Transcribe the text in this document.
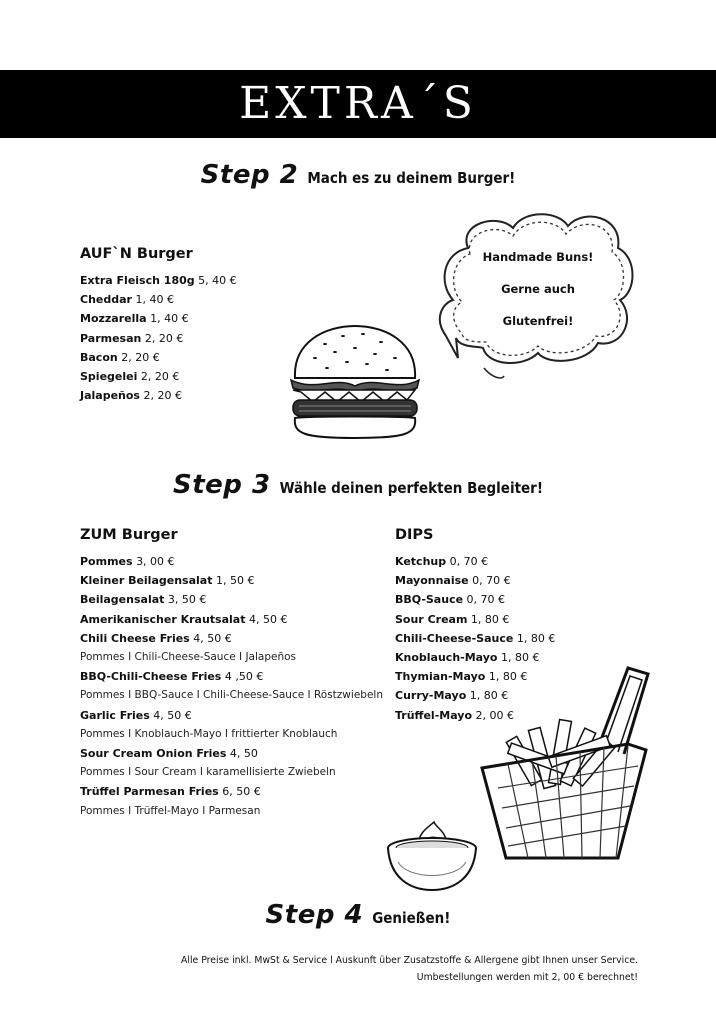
EXTRA´S
Step 2 Mach es zu deinem Burger!
AUF`N Burger
Extra Fleisch 180g 5, 40 €
Cheddar 1, 40 €
Mozzarella 1, 40 €
Parmesan 2, 20 €
Bacon 2, 20 €
Spiegelei 2, 20 €
Jalapeños 2, 20 €
Handmade Buns!
Gerne auch
Glutenfrei!
Step 3 Wähle deinen perfekten Begleiter!
ZUM Burger
Pommes 3, 00 €
Kleiner Beilagensalat 1, 50 €
Beilagensalat 3, 50 €
Amerikanischer Krautsalat 4, 50 €
Chili Cheese Fries 4, 50 €
Pommes I Chili-Cheese-Sauce I Jalapeños
BBQ-Chili-Cheese Fries 4 ,50 €
Pommes I BBQ-Sauce I Chili-Cheese-Sauce I Röstzwiebeln
Garlic Fries 4, 50 €
Pommes I Knoblauch-Mayo I frittierter Knoblauch
Sour Cream Onion Fries 4, 50
Pommes I Sour Cream I karamellisierte Zwiebeln
Trüffel Parmesan Fries 6, 50 €
Pommes I Trüffel-Mayo I Parmesan
DIPS
Ketchup 0, 70 €
Mayonnaise 0, 70 €
BBQ-Sauce 0, 70 €
Sour Cream 1, 80 €
Chili-Cheese-Sauce 1, 80 €
Knoblauch-Mayo 1, 80 €
Thymian-Mayo 1, 80 €
Curry-Mayo 1, 80 €
Trüffel-Mayo 2, 00 €
Step 4 Genießen!
Alle Preise inkl. MwSt & Service l Auskunft über Zusatzstoffe & Allergene gibt Ihnen unser Service.
Umbestellungen werden mit 2, 00 € berechnet!
